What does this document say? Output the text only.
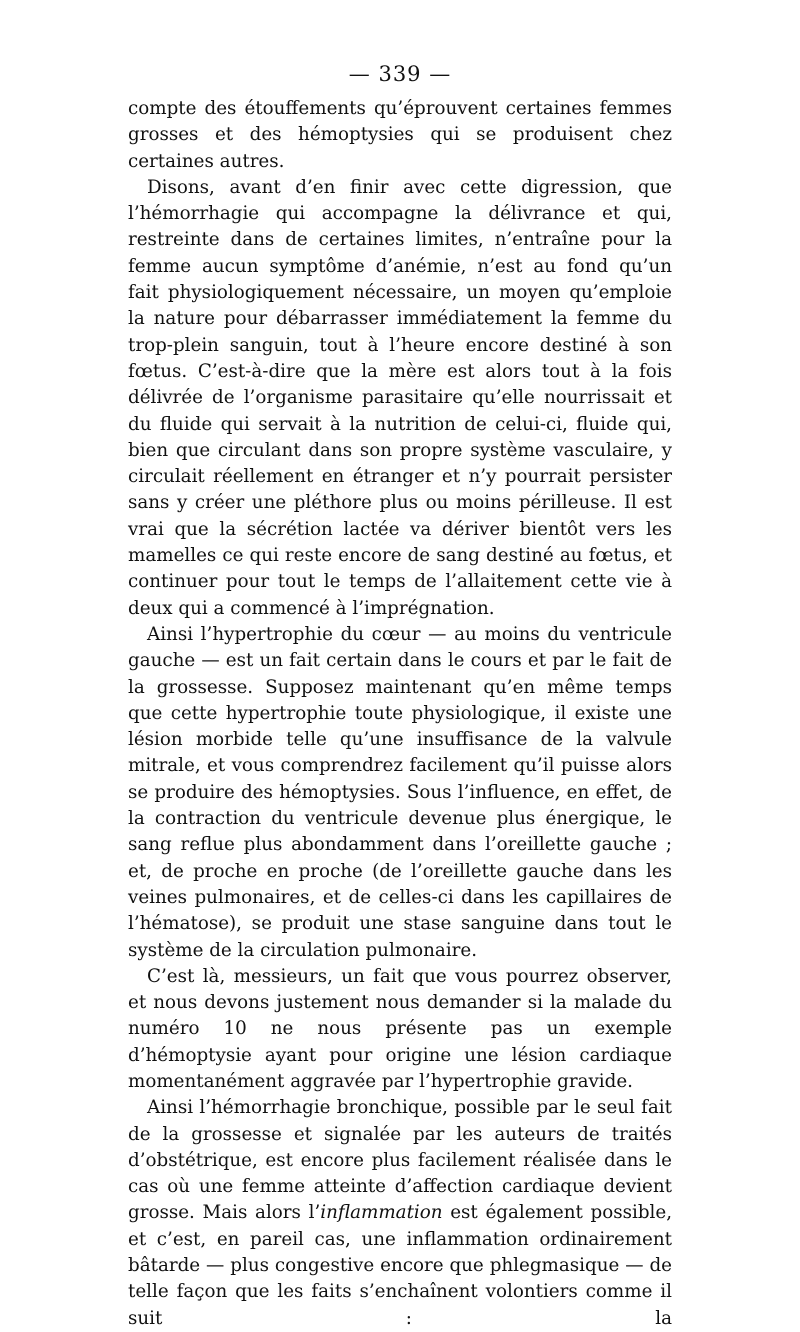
— 339 —

compte des étouffements qu’éprouvent certaines femmes grosses et des hémoptysies qui se produisent chez certaines autres.

Disons, avant d’en finir avec cette digression, que l’hémorrhagie qui accompagne la délivrance et qui, restreinte dans de certaines limites, n’entraîne pour la femme aucun symptôme d’anémie, n’est au fond qu’un fait physiologiquement nécessaire, un moyen qu’emploie la nature pour débarrasser immédiatement la femme du trop-plein sanguin, tout à l’heure encore destiné à son fœtus. C’est-à-dire que la mère est alors tout à la fois délivrée de l’organisme parasitaire qu’elle nourrissait et du fluide qui servait à la nutrition de celui-ci, fluide qui, bien que circulant dans son propre système vasculaire, y circulait réellement en étranger et n’y pourrait persister sans y créer une pléthore plus ou moins périlleuse. Il est vrai que la sécrétion lactée va dériver bientôt vers les mamelles ce qui reste encore de sang destiné au fœtus, et continuer pour tout le temps de l’allaitement cette vie à deux qui a commencé à l’imprégnation.

Ainsi l’hypertrophie du cœur — au moins du ventricule gauche — est un fait certain dans le cours et par le fait de la grossesse. Supposez maintenant qu’en même temps que cette hypertrophie toute physiologique, il existe une lésion morbide telle qu’une insuffisance de la valvule mitrale, et vous comprendrez facilement qu’il puisse alors se produire des hémoptysies. Sous l’influence, en effet, de la contraction du ventricule devenue plus énergique, le sang reflue plus abondamment dans l’oreillette gauche ; et, de proche en proche (de l’oreillette gauche dans les veines pulmonaires, et de celles-ci dans les capillaires de l’hématose), se produit une stase sanguine dans tout le système de la circulation pulmonaire.

C’est là, messieurs, un fait que vous pourrez observer, et nous devons justement nous demander si la malade du numéro 10 ne nous présente pas un exemple d’hémoptysie ayant pour origine une lésion cardiaque momentanément aggravée par l’hypertrophie gravide.

Ainsi l’hémorrhagie bronchique, possible par le seul fait de la grossesse et signalée par les auteurs de traités d’obstétrique, est encore plus facilement réalisée dans le cas où une femme atteinte d’affection cardiaque devient grosse. Mais alors l’inflammation est également possible, et c’est, en pareil cas, une inflammation ordinairement bâtarde — plus congestive encore que phlegmasique — de telle façon que les faits s’enchaînent volontiers comme il suit : la
